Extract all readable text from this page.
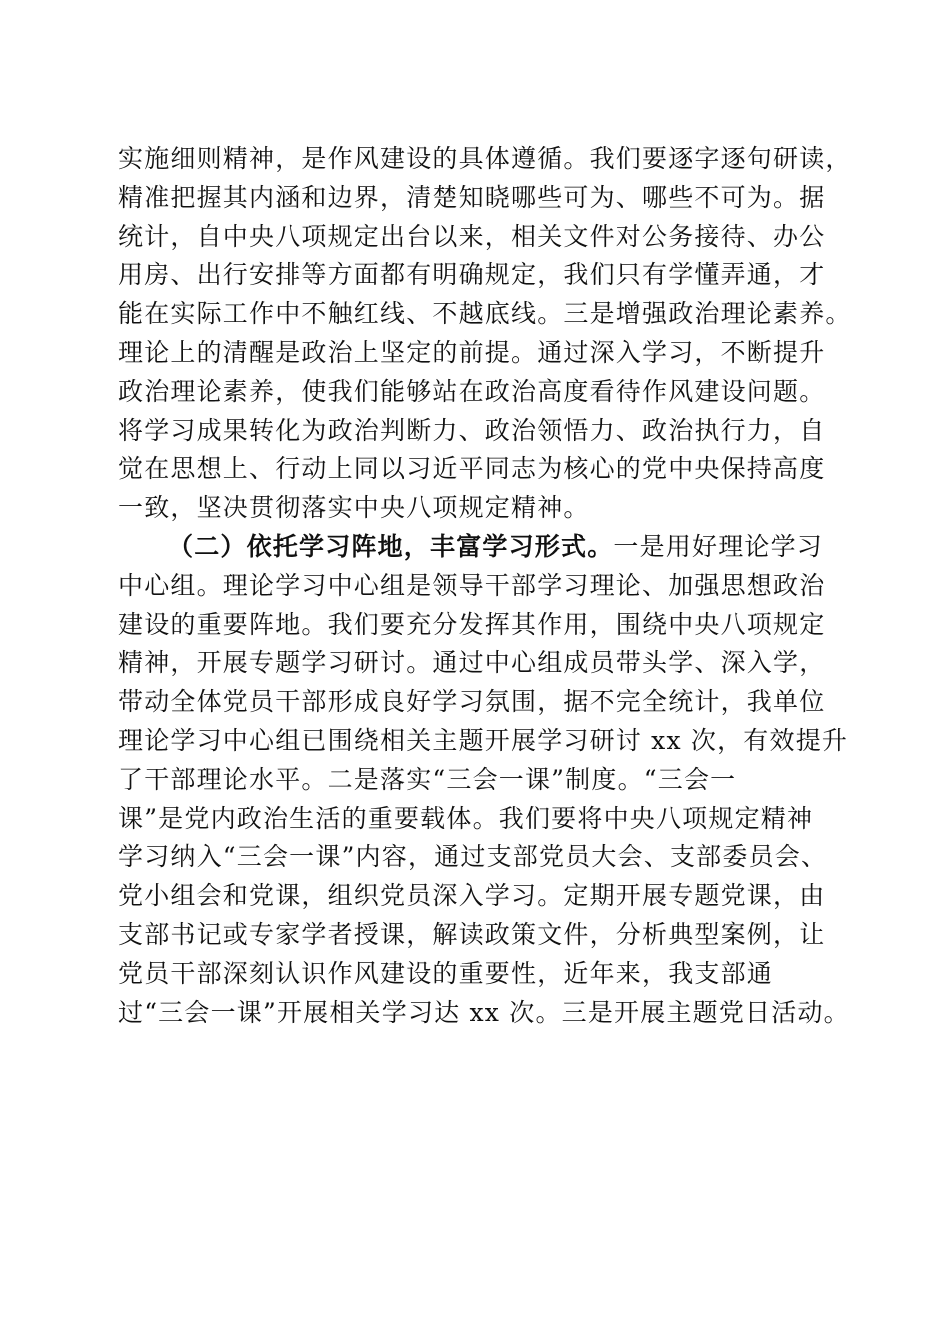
实施细则精神，是作风建设的具体遵循。我们要逐字逐句研读，
精准把握其内涵和边界，清楚知晓哪些可为、哪些不可为。据
统计，自中央八项规定出台以来，相关文件对公务接待、办公
用房、出行安排等方面都有明确规定，我们只有学懂弄通，才
能在实际工作中不触红线、不越底线。三是增强政治理论素养。
理论上的清醒是政治上坚定的前提。通过深入学习，不断提升
政治理论素养，使我们能够站在政治高度看待作风建设问题。
将学习成果转化为政治判断力、政治领悟力、政治执行力，自
觉在思想上、行动上同以习近平同志为核心的党中央保持高度
一致，坚决贯彻落实中央八项规定精神。
（二）依托学习阵地，丰富学习形式。一是用好理论学习
中心组。理论学习中心组是领导干部学习理论、加强思想政治
建设的重要阵地。我们要充分发挥其作用，围绕中央八项规定
精神，开展专题学习研讨。通过中心组成员带头学、深入学，
带动全体党员干部形成良好学习氛围，据不完全统计，我单位
理论学习中心组已围绕相关主题开展学习研讨 xx 次，有效提升
了干部理论水平。二是落实“三会一课”制度。“三会一
课”是党内政治生活的重要载体。我们要将中央八项规定精神
学习纳入“三会一课”内容，通过支部党员大会、支部委员会、
党小组会和党课，组织党员深入学习。定期开展专题党课，由
支部书记或专家学者授课，解读政策文件，分析典型案例，让
党员干部深刻认识作风建设的重要性，近年来，我支部通
过“三会一课”开展相关学习达 xx 次。三是开展主题党日活动。
